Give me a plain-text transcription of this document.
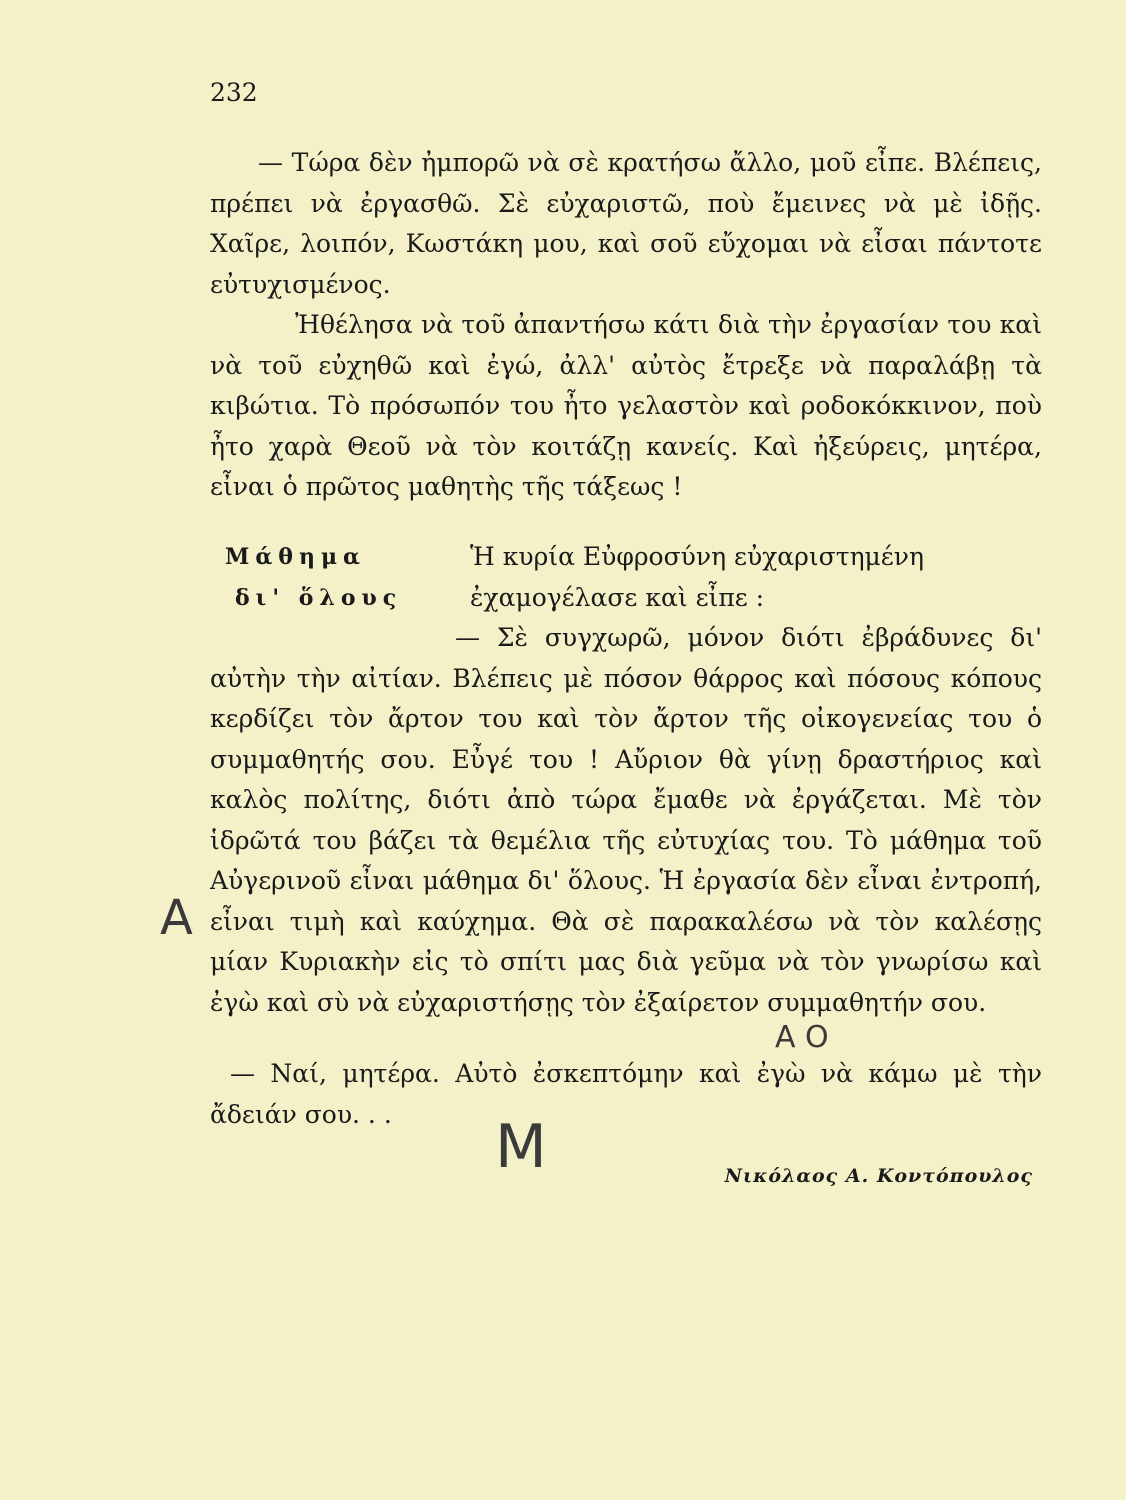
232

— Τώρα δὲν ἠμπορῶ νὰ σὲ κρατήσω ἄλλο, μοῦ εἶπε. Βλέπεις, πρέπει νὰ ἐργασθῶ. Σὲ εὐχαριστῶ, ποὺ ἔμεινες νὰ μὲ ἰδῇς. Χαῖρε, λοιπόν, Κωστάκη μου, καὶ σοῦ εὔχομαι νὰ εἶσαι πάντοτε εὐτυχισμένος.

Ἠθέλησα νὰ τοῦ ἀπαντήσω κάτι διὰ τὴν ἐργασίαν του καὶ νὰ τοῦ εὐχηθῶ καὶ ἐγώ, ἀλλ' αὐτὸς ἔτρεξε νὰ παραλάβῃ τὰ κιβώτια. Τὸ πρόσωπόν του ἦτο γελαστὸν καὶ ροδοκόκκινον, ποὺ ἦτο χαρὰ Θεοῦ νὰ τὸν κοιτάζῃ κανείς. Καὶ ἠξεύρεις, μητέρα, εἶναι ὁ πρῶτος μαθητὴς τῆς τάξεως !

Μάθημα
δι' ὅλους

Ἡ κυρία Εὐφροσύνη εὐχαριστημένη ἐχαμογέλασε καὶ εἶπε :

— Σὲ συγχωρῶ, μόνον διότι ἐβράδυνες δι' αὐτὴν τὴν αἰτίαν. Βλέπεις μὲ πόσον θάρρος καὶ πόσους κόπους κερδίζει τὸν ἄρτον του καὶ τὸν ἄρτον τῆς οἰκογενείας του ὁ συμμαθητής σου. Εὖγέ του ! Αὔριον θὰ γίνῃ δραστήριος καὶ καλὸς πολίτης, διότι ἀπὸ τώρα ἔμαθε νὰ ἐργάζεται. Μὲ τὸν ἱδρῶτά του βάζει τὰ θεμέλια τῆς εὐτυχίας του. Τὸ μάθημα τοῦ Αὐγερινοῦ εἶναι μάθημα δι' ὅλους. Ἡ ἐργασία δὲν εἶναι ἐντροπή, εἶναι τιμὴ καὶ καύχημα. Θὰ σὲ παρακαλέσω νὰ τὸν καλέσῃς μίαν Κυριακὴν εἰς τὸ σπίτι μας διὰ γεῦμα νὰ τὸν γνωρίσω καὶ ἐγὼ καὶ σὺ νὰ εὐχαριστήσῃς τὸν ἐξαίρετον συμμαθητήν σου.

— Ναί, μητέρα. Αὐτὸ ἐσκεπτόμην καὶ ἐγὼ νὰ κάμω μὲ τὴν ἄδειάν σου. . .

Νικόλαος Α. Κοντόπουλος
A
A O
M
